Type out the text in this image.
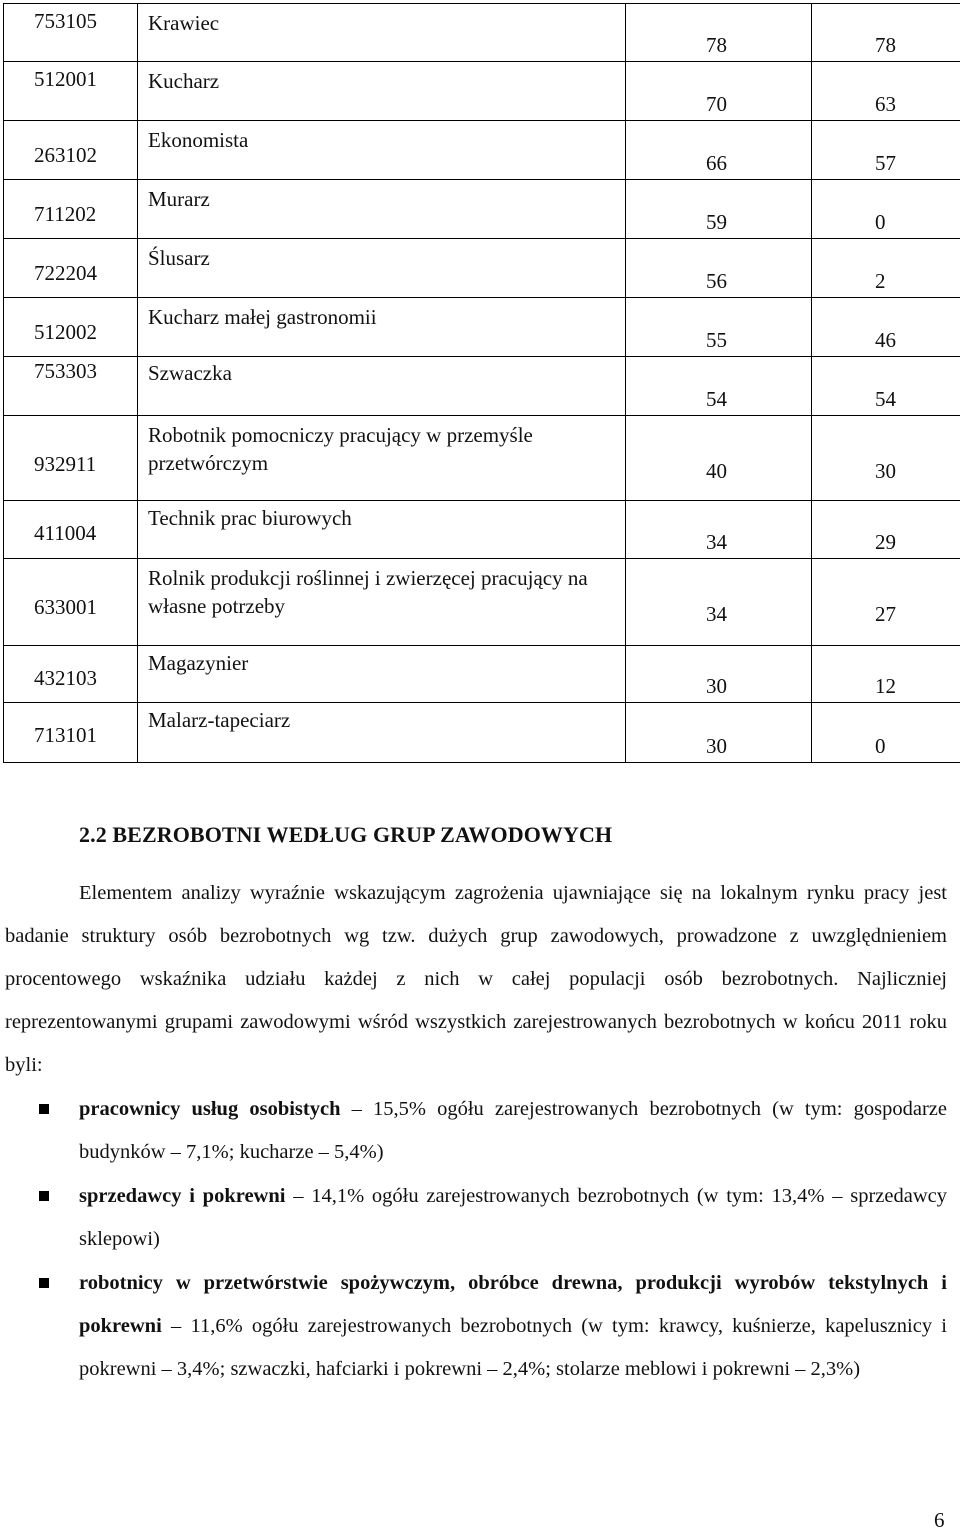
753105	Krawiec	78	78
512001	Kucharz	70	63
263102	Ekonomista	66	57
711202	Murarz	59	0
722204	Ślusarz	56	2
512002	Kucharz małej gastronomii	55	46
753303	Szwaczka	54	54
932911	Robotnik pomocniczy pracujący w przemyśle przetwórczym	40	30
411004	Technik prac biurowych	34	29
633001	Rolnik produkcji roślinnej i zwierzęcej pracujący na własne potrzeby	34	27
432103	Magazynier	30	12
713101	Malarz-tapeciarz	30	0
2.2 BEZROBOTNI WEDŁUG GRUP ZAWODOWYCH

Elementem analizy wyraźnie wskazującym zagrożenia ujawniające się na lokalnym rynku pracy jest badanie struktury osób bezrobotnych wg tzw. dużych grup zawodowych, prowadzone z uwzględnieniem procentowego wskaźnika udziału każdej z nich w całej populacji osób bezrobotnych. Najliczniej reprezentowanymi grupami zawodowymi wśród wszystkich zarejestrowanych bezrobotnych w końcu 2011 roku byli:

pracownicy usług osobistych – 15,5% ogółu zarejestrowanych bezrobotnych (w tym: gospodarze budynków – 7,1%; kucharze – 5,4%)
sprzedawcy i pokrewni – 14,1% ogółu zarejestrowanych bezrobotnych (w tym: 13,4% – sprzedawcy sklepowi)
robotnicy w przetwórstwie spożywczym, obróbce drewna, produkcji wyrobów tekstylnych i pokrewni – 11,6% ogółu zarejestrowanych bezrobotnych (w tym: krawcy, kuśnierze, kapelusznicy i pokrewni – 3,4%; szwaczki, hafciarki i pokrewni – 2,4%; stolarze meblowi i pokrewni – 2,3%)
6
